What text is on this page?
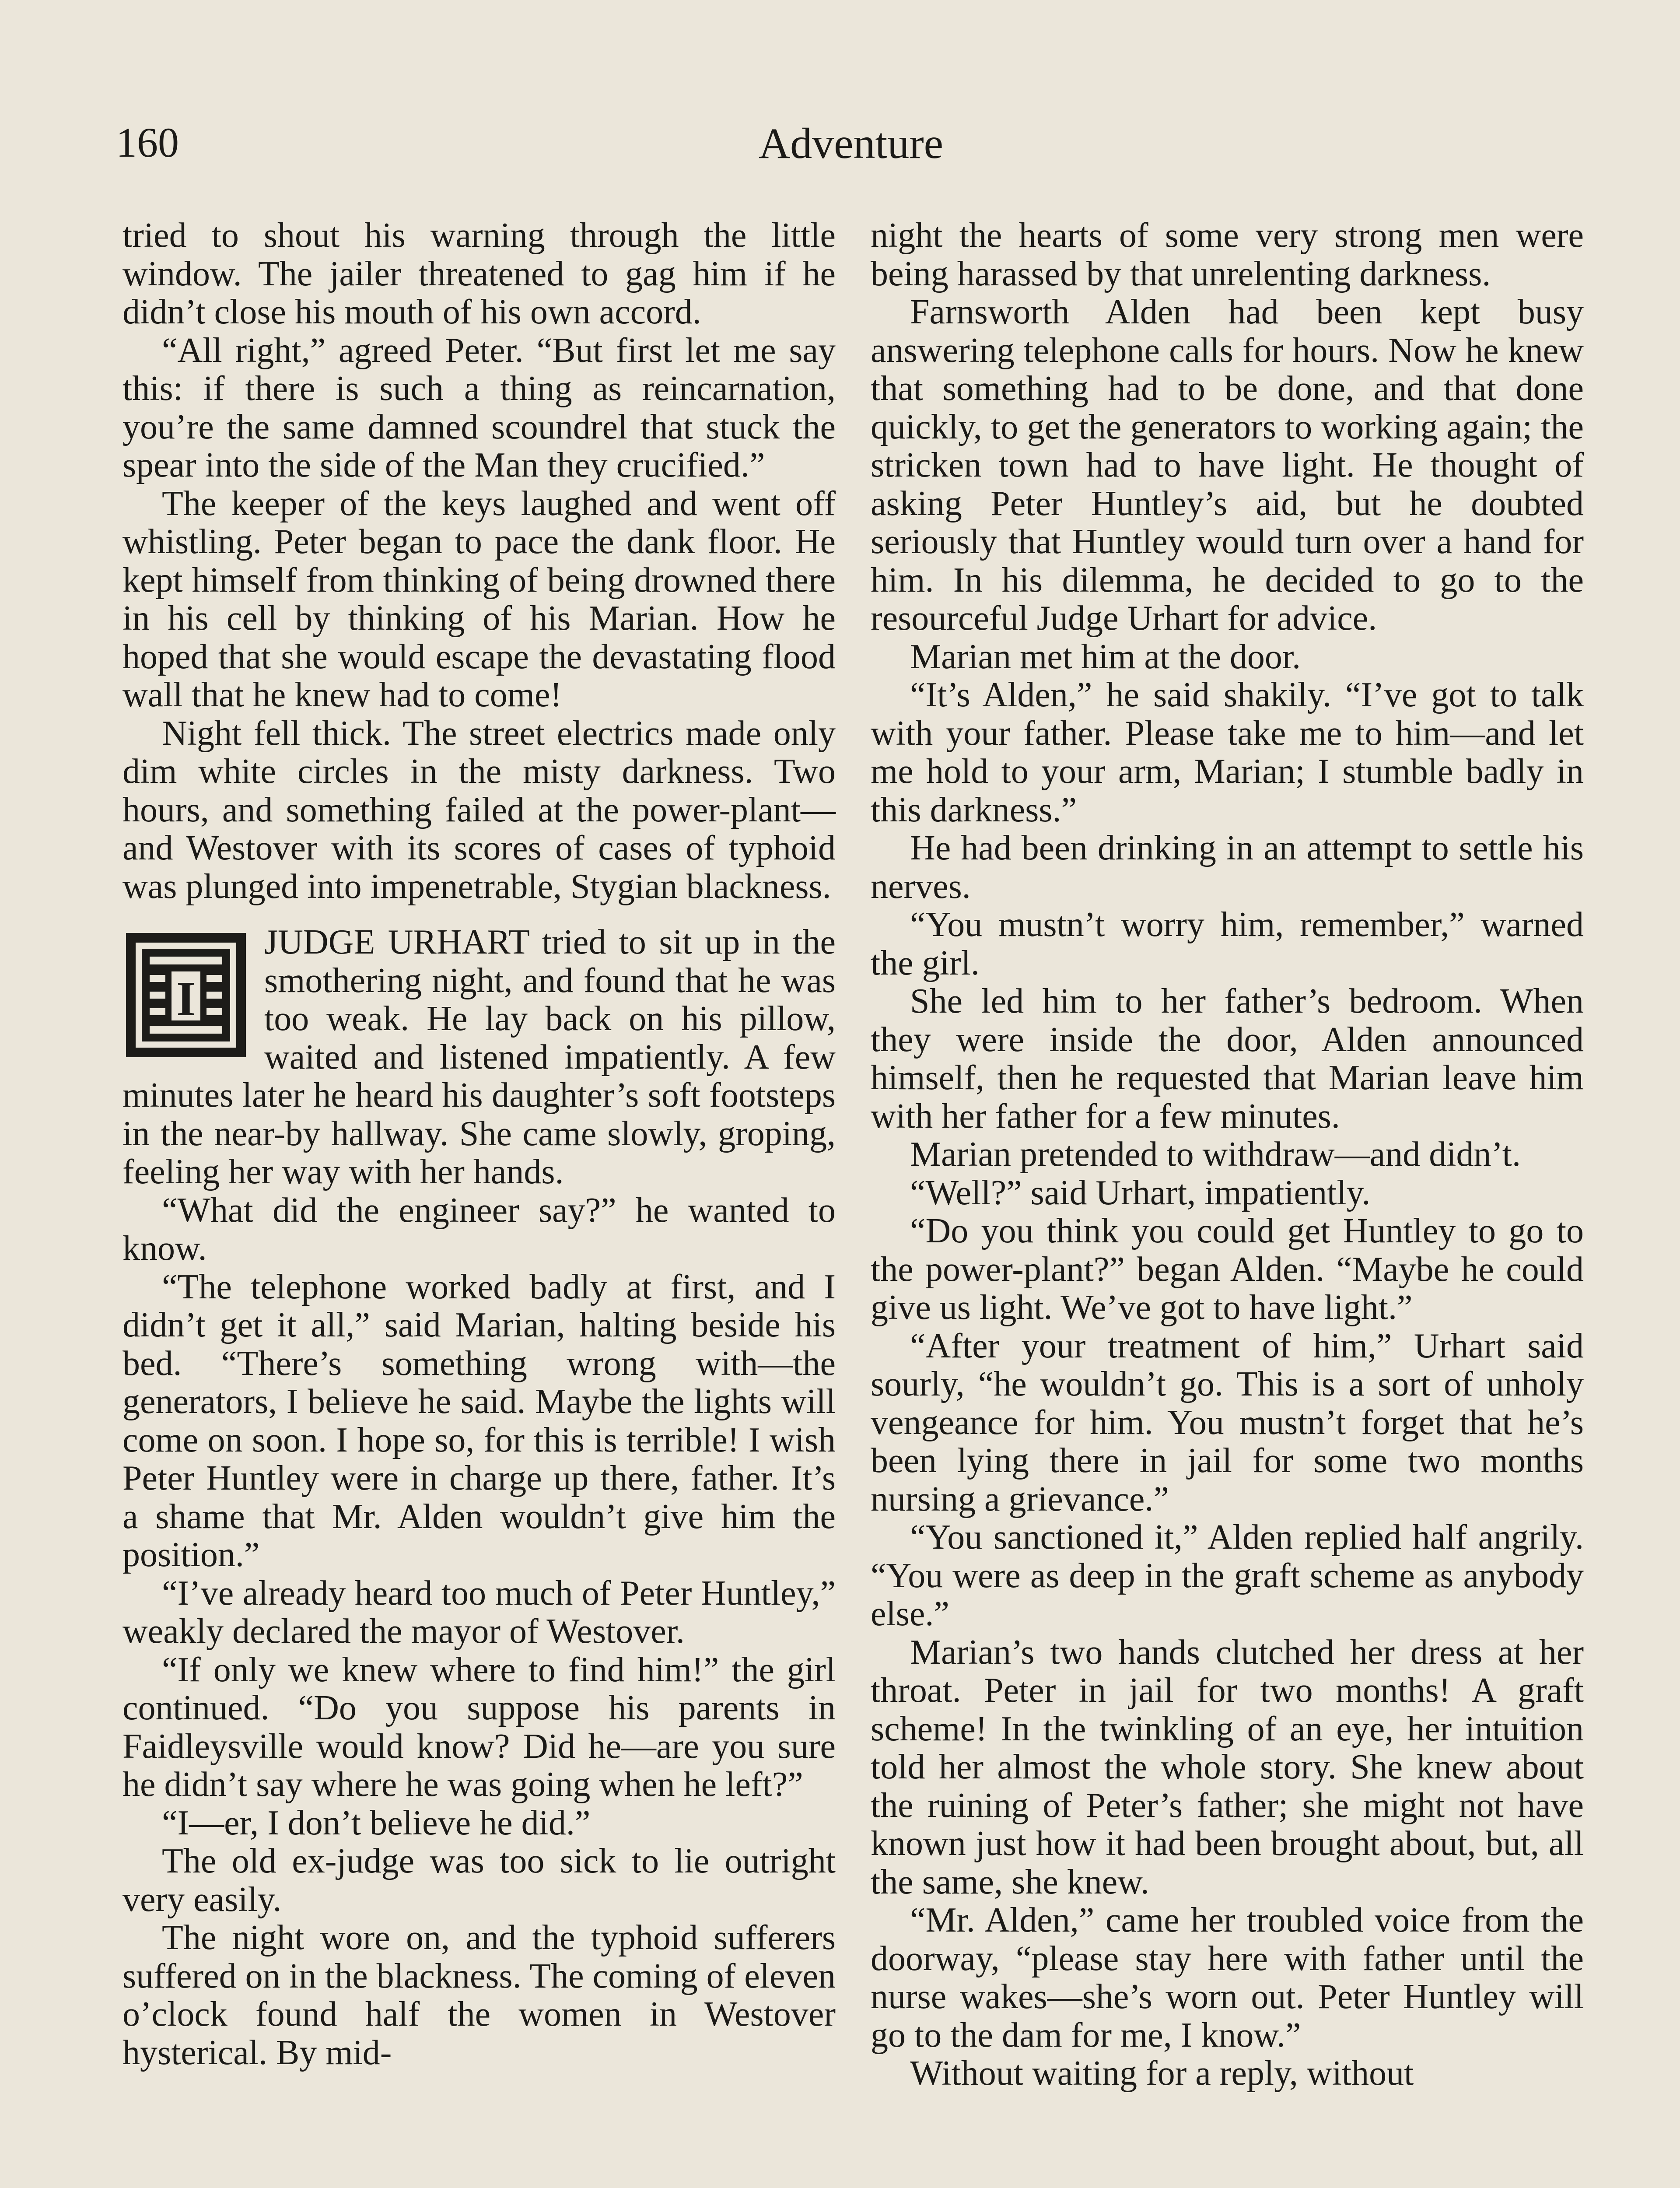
160	Adventure

tried to shout his warning through the little window. The jailer threatened to gag him if he didn’t close his mouth of his own accord.

“All right,” agreed Peter. “But first let me say this: if there is such a thing as reincarnation, you’re the same damned scoundrel that stuck the spear into the side of the Man they crucified.”

The keeper of the keys laughed and went off whistling. Peter began to pace the dank floor. He kept himself from thinking of being drowned there in his cell by thinking of his Marian. How he hoped that she would escape the devastating flood wall that he knew had to come!

Night fell thick. The street electrics made only dim white circles in the misty darkness. Two hours, and something failed at the power-plant—and Westover with its scores of cases of typhoid was plunged into impenetrable, Stygian blackness.

I

JUDGE URHART tried to sit up in the smothering night, and found that he was too weak. He lay back on his pillow, waited and listened impatiently. A few minutes later he heard his daughter’s soft footsteps in the near-by hallway. She came slowly, groping, feeling her way with her hands.

“What did the engineer say?” he wanted to know.

“The telephone worked badly at first, and I didn’t get it all,” said Marian, halting beside his bed. “There’s something wrong with—the generators, I believe he said. Maybe the lights will come on soon. I hope so, for this is terrible! I wish Peter Huntley were in charge up there, father. It’s a shame that Mr. Alden wouldn’t give him the position.”

“I’ve already heard too much of Peter Huntley,” weakly declared the mayor of Westover.

“If only we knew where to find him!” the girl continued. “Do you suppose his parents in Faidleysville would know? Did he—are you sure he didn’t say where he was going when he left?”

“I—er, I don’t believe he did.”

The old ex-judge was too sick to lie outright very easily.

The night wore on, and the typhoid sufferers suffered on in the blackness. The coming of eleven o’clock found half the women in Westover hysterical. By mid-

night the hearts of some very strong men were being harassed by that unrelenting darkness.

Farnsworth Alden had been kept busy answering telephone calls for hours. Now he knew that something had to be done, and that done quickly, to get the generators to working again; the stricken town had to have light. He thought of asking Peter Huntley’s aid, but he doubted seriously that Huntley would turn over a hand for him. In his dilemma, he decided to go to the resourceful Judge Urhart for advice.

Marian met him at the door.

“It’s Alden,” he said shakily. “I’ve got to talk with your father. Please take me to him—and let me hold to your arm, Marian; I stumble badly in this darkness.”

He had been drinking in an attempt to settle his nerves.

“You mustn’t worry him, remember,” warned the girl.

She led him to her father’s bedroom. When they were inside the door, Alden announced himself, then he requested that Marian leave him with her father for a few minutes.

Marian pretended to withdraw—and didn’t.

“Well?” said Urhart, impatiently.

“Do you think you could get Huntley to go to the power-plant?” began Alden. “Maybe he could give us light. We’ve got to have light.”

“After your treatment of him,” Urhart said sourly, “he wouldn’t go. This is a sort of unholy vengeance for him. You mustn’t forget that he’s been lying there in jail for some two months nursing a grievance.”

“You sanctioned it,” Alden replied half angrily. “You were as deep in the graft scheme as anybody else.”

Marian’s two hands clutched her dress at her throat. Peter in jail for two months! A graft scheme! In the twinkling of an eye, her intuition told her almost the whole story. She knew about the ruining of Peter’s father; she might not have known just how it had been brought about, but, all the same, she knew.

“Mr. Alden,” came her troubled voice from the doorway, “please stay here with father until the nurse wakes—she’s worn out. Peter Huntley will go to the dam for me, I know.”

Without waiting for a reply, without
